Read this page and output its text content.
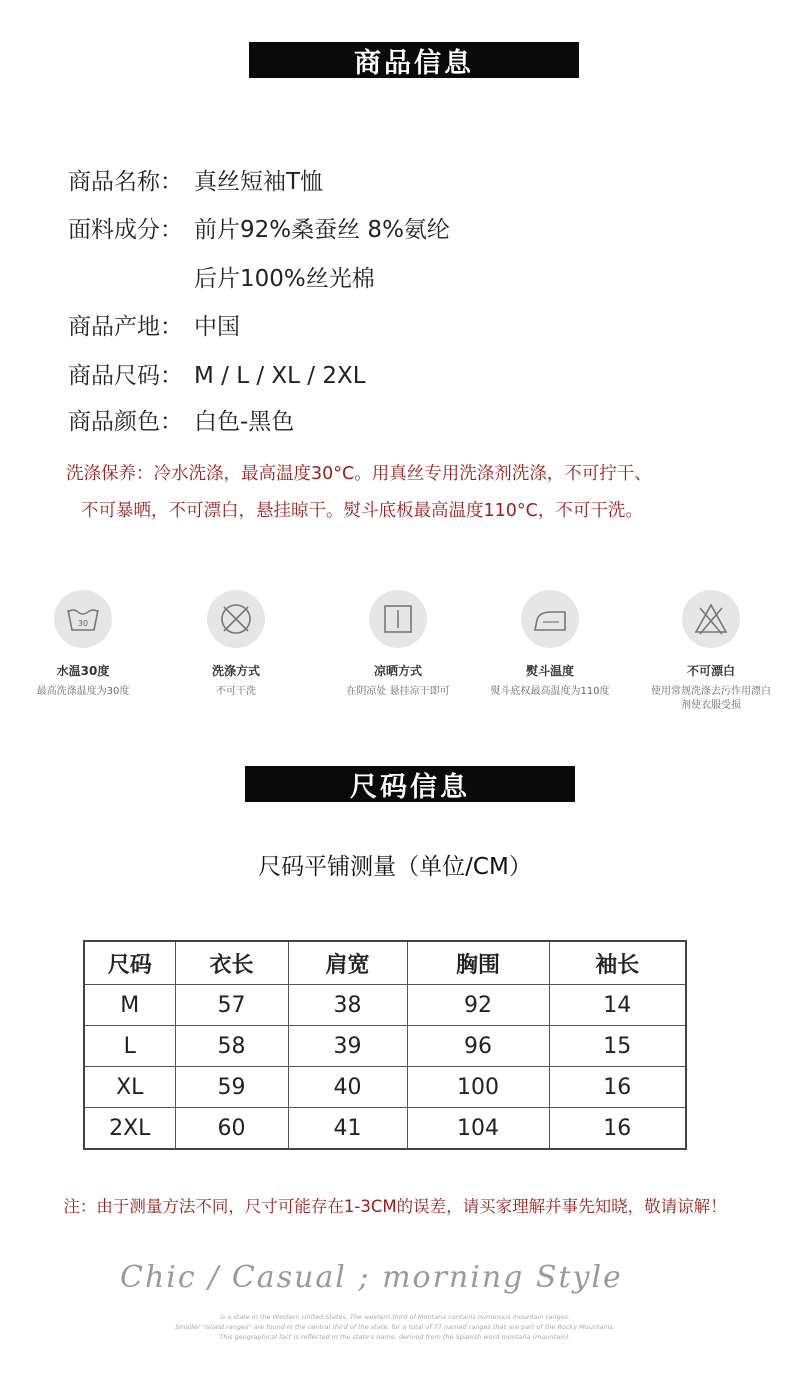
商品信息
商品名称： 真丝短袖T恤
面料成分： 前片92%桑蚕丝 8%氨纶
后片100%丝光棉
商品产地： 中国
商品尺码： M / L / XL / 2XL
商品颜色： 白色-黑色
洗涤保养：冷水洗涤，最高温度30°C。用真丝专用洗涤剂洗涤，不可拧干、
不可暴晒，不可漂白，悬挂晾干。熨斗底板最高温度110°C，不可干洗。
30
水温30度
最高洗涤温度为30度
洗涤方式
不可干洗
凉晒方式
在阴凉处 悬挂凉干即可
熨斗温度
熨斗底权最高温度为110度
不可漂白
使用常规洗涤去污作用漂白剂使衣服受损
尺码信息
尺码平铺测量（单位/CM）
尺码	衣长	肩宽	胸围	袖长
M	57	38	92	14
L	58	39	96	15
XL	59	40	100	16
2XL	60	41	104	16
注：由于测量方法不同，尺寸可能存在1-3CM的误差，请买家理解并事先知晓，敬请谅解！
Chic / Casual ; morning Style
is a state in the Western United States. The western third of Montana contains numerous mountain ranges.
Smaller "island ranges" are found in the central third of the state, for a total of 77 named ranges that are part of the Rocky Mountains.
This geographical fact is reflected in the state's name, derived from the Spanish word montaña (mountain).
